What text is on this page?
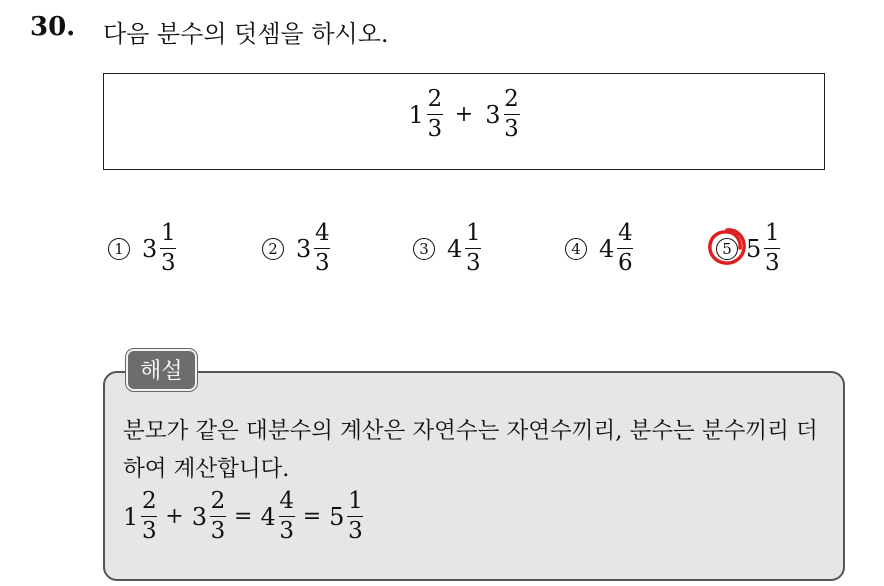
30. 다음 분수의 덧셈을 하시오.
$1 \frac{2}{3} + 3 \frac{2}{3}$
1 $3 \frac{1}{3}$	2 $3 \frac{4}{3}$	3 $4 \frac{1}{3}$	4 $4 \frac{4}{6}$	5 $5 \frac{1}{3}$
해설
분모가 같은 대분수의 계산은 자연수는 자연수끼리, 분수는 분수끼리 더하여 계산합니다.
$1 \frac{2}{3} + 3 \frac{2}{3} = 4 \frac{4}{3} = 5 \frac{1}{3}$
